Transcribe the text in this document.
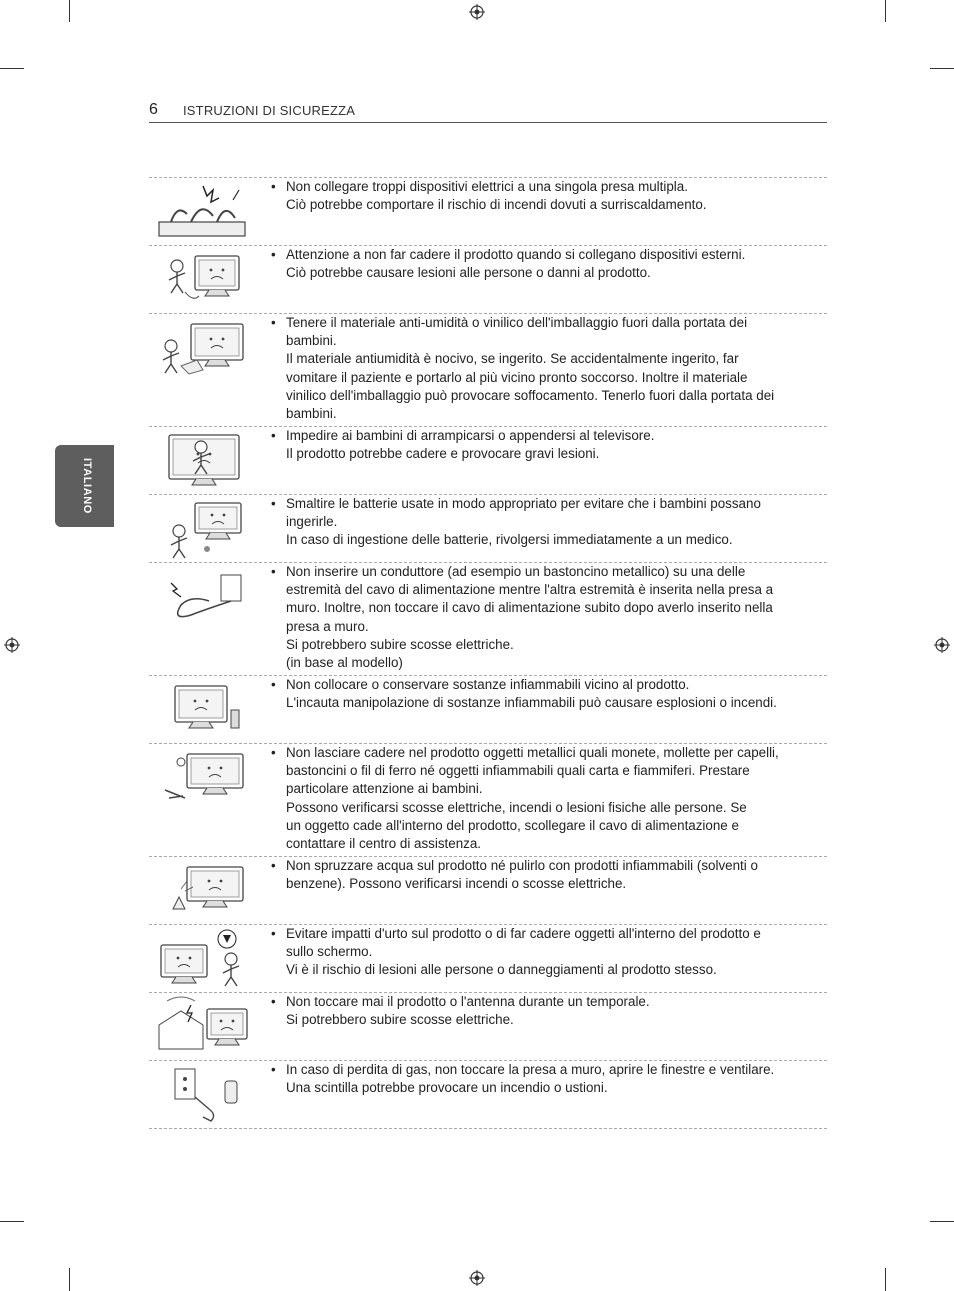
6 ISTRUZIONI DI SICUREZZA
ITALIANO
• Non collegare troppi dispositivi elettrici a una singola presa multipla.
Ciò potrebbe comportare il rischio di incendi dovuti a surriscaldamento.
• Attenzione a non far cadere il prodotto quando si collegano dispositivi esterni.
Ciò potrebbe causare lesioni alle persone o danni al prodotto.
• Tenere il materiale anti-umidità o vinilico dell'imballaggio fuori dalla portata dei
bambini.
Il materiale antiumidità è nocivo, se ingerito. Se accidentalmente ingerito, far
vomitare il paziente e portarlo al più vicino pronto soccorso. Inoltre il materiale
vinilico dell'imballaggio può provocare soffocamento. Tenerlo fuori dalla portata dei
bambini.
• Impedire ai bambini di arrampicarsi o appendersi al televisore.
Il prodotto potrebbe cadere e provocare gravi lesioni.
• Smaltire le batterie usate in modo appropriato per evitare che i bambini possano
ingerirle.
In caso di ingestione delle batterie, rivolgersi immediatamente a un medico.
• Non inserire un conduttore (ad esempio un bastoncino metallico) su una delle
estremità del cavo di alimentazione mentre l'altra estremità è inserita nella presa a
muro. Inoltre, non toccare il cavo di alimentazione subito dopo averlo inserito nella
presa a muro.
Si potrebbero subire scosse elettriche.
(in base al modello)
• Non collocare o conservare sostanze infiammabili vicino al prodotto.
L'incauta manipolazione di sostanze infiammabili può causare esplosioni o incendi.
• Non lasciare cadere nel prodotto oggetti metallici quali monete, mollette per capelli,
bastoncini o fil di ferro né oggetti infiammabili quali carta e fiammiferi. Prestare
particolare attenzione ai bambini.
Possono verificarsi scosse elettriche, incendi o lesioni fisiche alle persone. Se
un oggetto cade all'interno del prodotto, scollegare il cavo di alimentazione e
contattare il centro di assistenza.
• Non spruzzare acqua sul prodotto né pulirlo con prodotti infiammabili (solventi o
benzene). Possono verificarsi incendi o scosse elettriche.
• Evitare impatti d'urto sul prodotto o di far cadere oggetti all'interno del prodotto e
sullo schermo.
Vi è il rischio di lesioni alle persone o danneggiamenti al prodotto stesso.
• Non toccare mai il prodotto o l'antenna durante un temporale.
Si potrebbero subire scosse elettriche.
• In caso di perdita di gas, non toccare la presa a muro, aprire le finestre e ventilare.
Una scintilla potrebbe provocare un incendio o ustioni.
